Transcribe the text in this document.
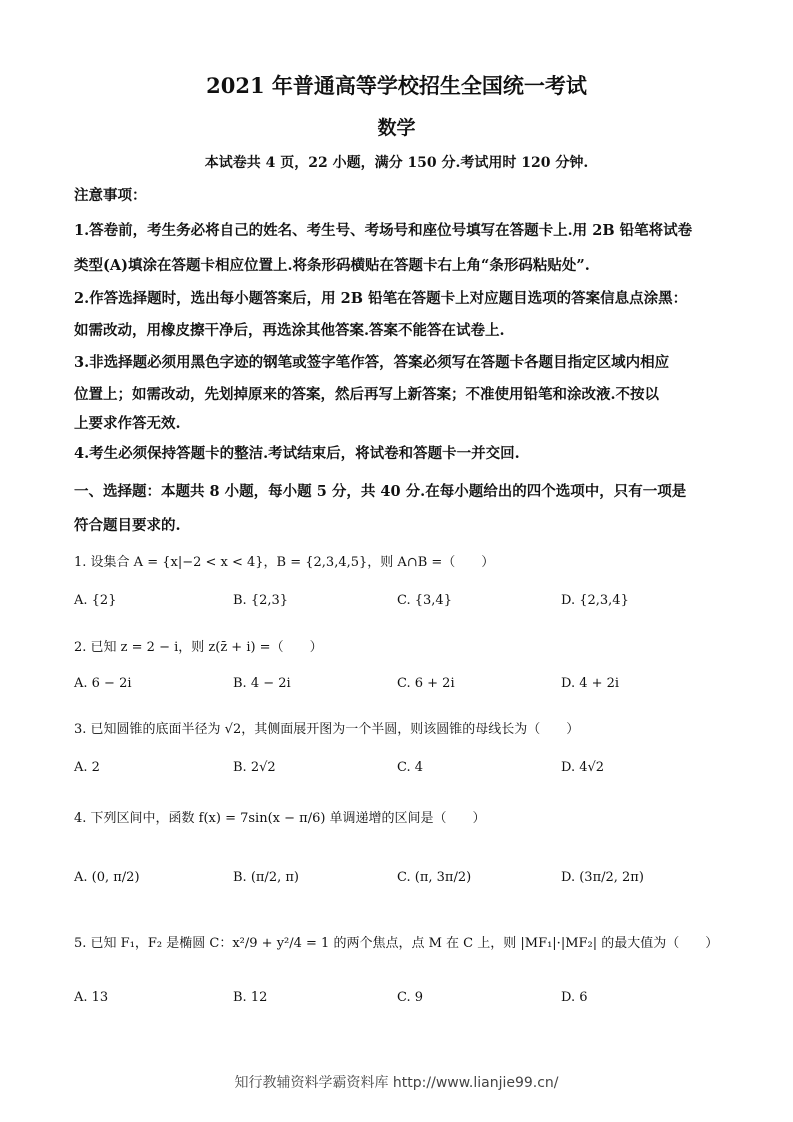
2021 年普通高等学校招生全国统一考试
数学
本试卷共 4 页，22 小题，满分 150 分.考试用时 120 分钟.
注意事项：
1.答卷前，考生务必将自己的姓名、考生号、考场号和座位号填写在答题卡上.用 2B 铅笔将试卷
类型(A)填涂在答题卡相应位置上.将条形码横贴在答题卡右上角“条形码粘贴处”.
2.作答选择题时，选出每小题答案后，用 2B 铅笔在答题卡上对应题目选项的答案信息点涂黑：
如需改动，用橡皮擦干净后，再选涂其他答案.答案不能答在试卷上.
3.非选择题必须用黑色字迹的钢笔或签字笔作答，答案必须写在答题卡各题目指定区域内相应
位置上；如需改动，先划掉原来的答案，然后再写上新答案；不准使用铅笔和涂改液.不按以
上要求作答无效.
4.考生必须保持答题卡的整洁.考试结束后，将试卷和答题卡一并交回.
一、选择题：本题共 8 小题，每小题 5 分，共 40 分.在每小题给出的四个选项中，只有一项是
符合题目要求的.
1. 设集合 A = {x|−2 < x < 4}，B = {2,3,4,5}，则 A∩B =（　　）
A. {2}	B. {2,3}	C. {3,4}	D. {2,3,4}
2. 已知 z = 2 − i，则 z(z̄ + i) =（　　）
A. 6 − 2i	B. 4 − 2i	C. 6 + 2i	D. 4 + 2i
3. 已知圆锥的底面半径为 √2，其侧面展开图为一个半圆，则该圆锥的母线长为（　　）
A. 2	B. 2√2	C. 4	D. 4√2
4. 下列区间中，函数 f(x) = 7sin(x − π/6) 单调递增的区间是（　　）
A. (0, π/2)	B. (π/2, π)	C. (π, 3π/2)	D. (3π/2, 2π)
5. 已知 F₁，F₂ 是椭圆 C：x²/9 + y²/4 = 1 的两个焦点，点 M 在 C 上，则 |MF₁|·|MF₂| 的最大值为（　　）
A. 13	B. 12	C. 9	D. 6
知行教辅资料学霸资料库 http://www.lianjie99.cn/
